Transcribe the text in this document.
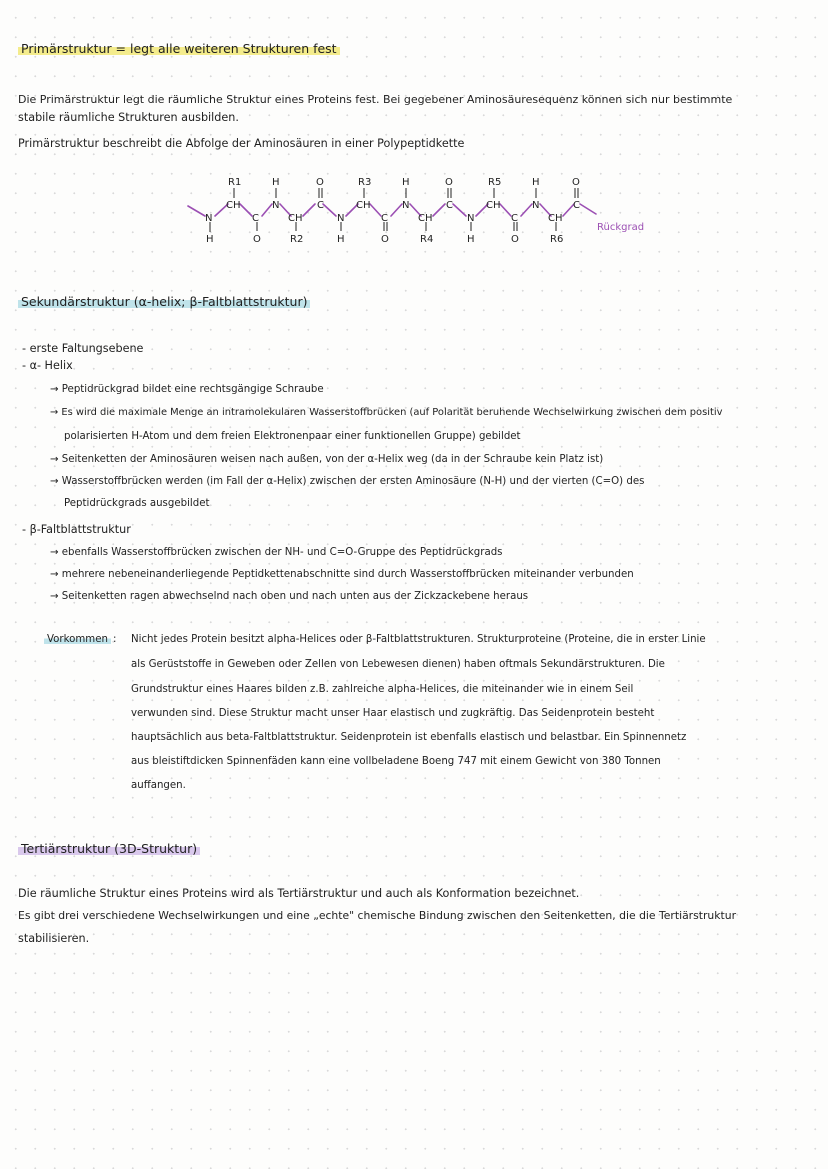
Primärstruktur = legt alle weiteren Strukturen fest
Die Primärstruktur legt die räumliche Struktur eines Proteins fest. Bei gegebener Aminosäuresequenz können sich nur bestimmte
stabile räumliche Strukturen ausbilden.
Primärstruktur beschreibt die Abfolge der Aminosäuren in einer Polypeptidkette
N
H
R1
CH
C
O
H
N
CH
R2
O
C
N
H
R3
CH
C
O
H
N
CH
R4
O
C
N
H
R5
CH
C
O
H
N
CH
R6
O
C
Rückgrad
Sekundärstruktur (α-helix; β-Faltblattstruktur)
- erste Faltungsebene
- α- Helix
→ Peptidrückgrad bildet eine rechtsgängige Schraube
→ Es wird die maximale Menge an intramolekularen Wasserstoffbrücken (auf Polarität beruhende Wechselwirkung zwischen dem positiv
polarisierten H-Atom und dem freien Elektronenpaar einer funktionellen Gruppe) gebildet
→ Seitenketten der Aminosäuren weisen nach außen, von der α-Helix weg (da in der Schraube kein Platz ist)
→ Wasserstoffbrücken werden (im Fall der α-Helix) zwischen der ersten Aminosäure (N-H) und der vierten (C=O) des
Peptidrückgrads ausgebildet
- β-Faltblattstruktur
→ ebenfalls Wasserstoffbrücken zwischen der NH- und C=O-Gruppe des Peptidrückgrads
→ mehrere nebeneinanderliegende Peptidkettenabschnitte sind durch Wasserstoffbrücken miteinander verbunden
→ Seitenketten ragen abwechselnd nach oben und nach unten aus der Zickzackebene heraus
Vorkommen : Nicht jedes Protein besitzt alpha-Helices oder β-Faltblattstrukturen. Strukturproteine (Proteine, die in erster Linie
als Gerüststoffe in Geweben oder Zellen von Lebewesen dienen) haben oftmals Sekundärstrukturen. Die
Grundstruktur eines Haares bilden z.B. zahlreiche alpha-Helices, die miteinander wie in einem Seil
verwunden sind. Diese Struktur macht unser Haar elastisch und zugkräftig. Das Seidenprotein besteht
hauptsächlich aus beta-Faltblattstruktur. Seidenprotein ist ebenfalls elastisch und belastbar. Ein Spinnennetz
aus bleistiftdicken Spinnenfäden kann eine vollbeladene Boeng 747 mit einem Gewicht von 380 Tonnen
auffangen.
Tertiärstruktur (3D-Struktur)
Die räumliche Struktur eines Proteins wird als Tertiärstruktur und auch als Konformation bezeichnet.
Es gibt drei verschiedene Wechselwirkungen und eine „echte" chemische Bindung zwischen den Seitenketten, die die Tertiärstruktur
stabilisieren.
